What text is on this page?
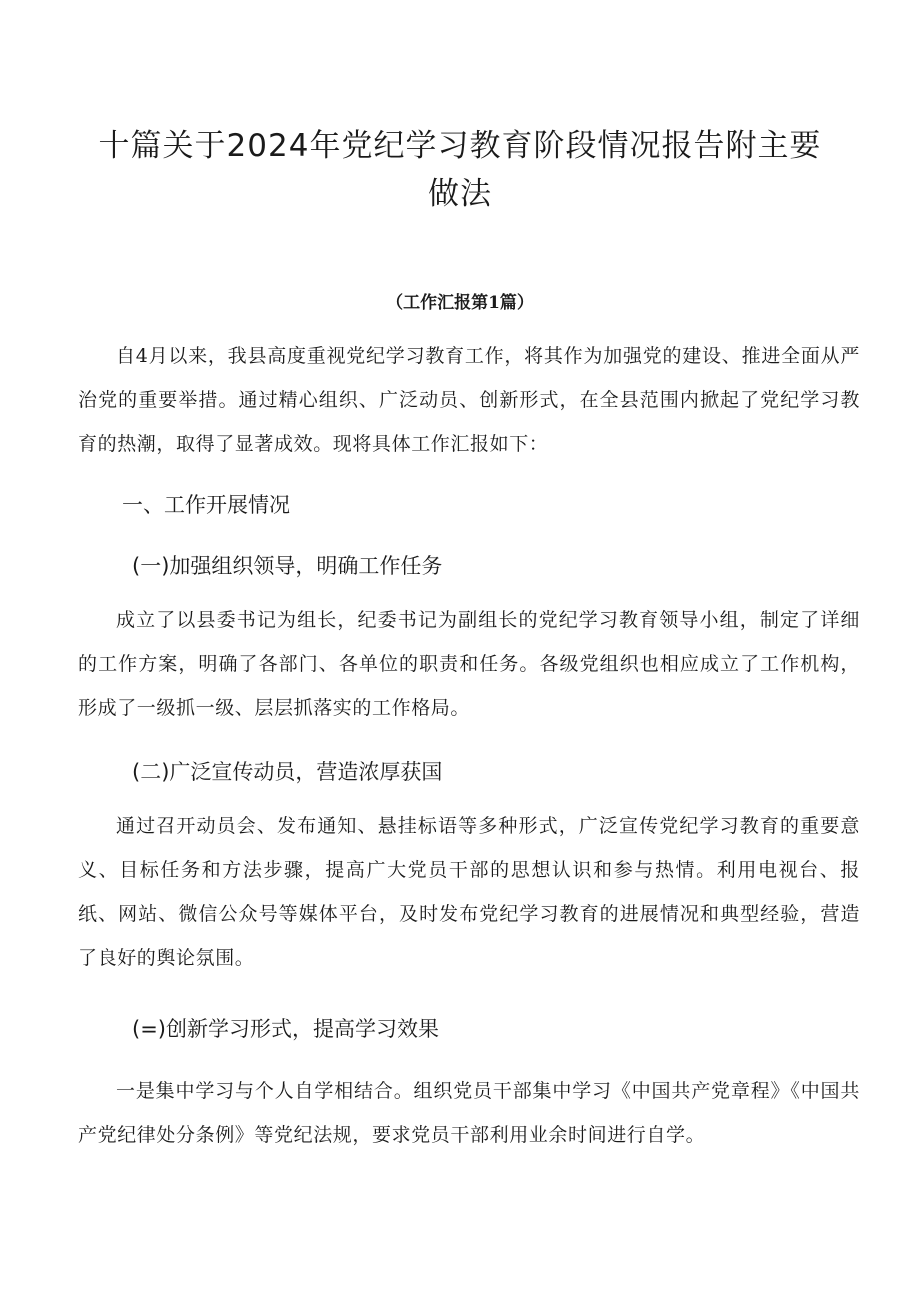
十篇关于2024年党纪学习教育阶段情况报告附主要做法
（工作汇报第1篇）

自4月以来，我县高度重视党纪学习教育工作，将其作为加强党的建设、推进全面从严治党的重要举措。通过精心组织、广泛动员、创新形式，在全县范围内掀起了党纪学习教育的热潮，取得了显著成效。现将具体工作汇报如下：

一、工作开展情况
(一)加强组织领导，明确工作任务

成立了以县委书记为组长，纪委书记为副组长的党纪学习教育领导小组，制定了详细的工作方案，明确了各部门、各单位的职责和任务。各级党组织也相应成立了工作机构，形成了一级抓一级、层层抓落实的工作格局。

(二)广泛宣传动员，营造浓厚获国

通过召开动员会、发布通知、悬挂标语等多种形式，广泛宣传党纪学习教育的重要意义、目标任务和方法步骤，提高广大党员干部的思想认识和参与热情。利用电视台、报纸、网站、微信公众号等媒体平台，及时发布党纪学习教育的进展情况和典型经验，营造了良好的舆论氛围。

(=)创新学习形式，提高学习效果

一是集中学习与个人自学相结合。组织党员干部集中学习《中国共产党章程》《中国共产党纪律处分条例》等党纪法规，要求党员干部利用业余时间进行自学。
